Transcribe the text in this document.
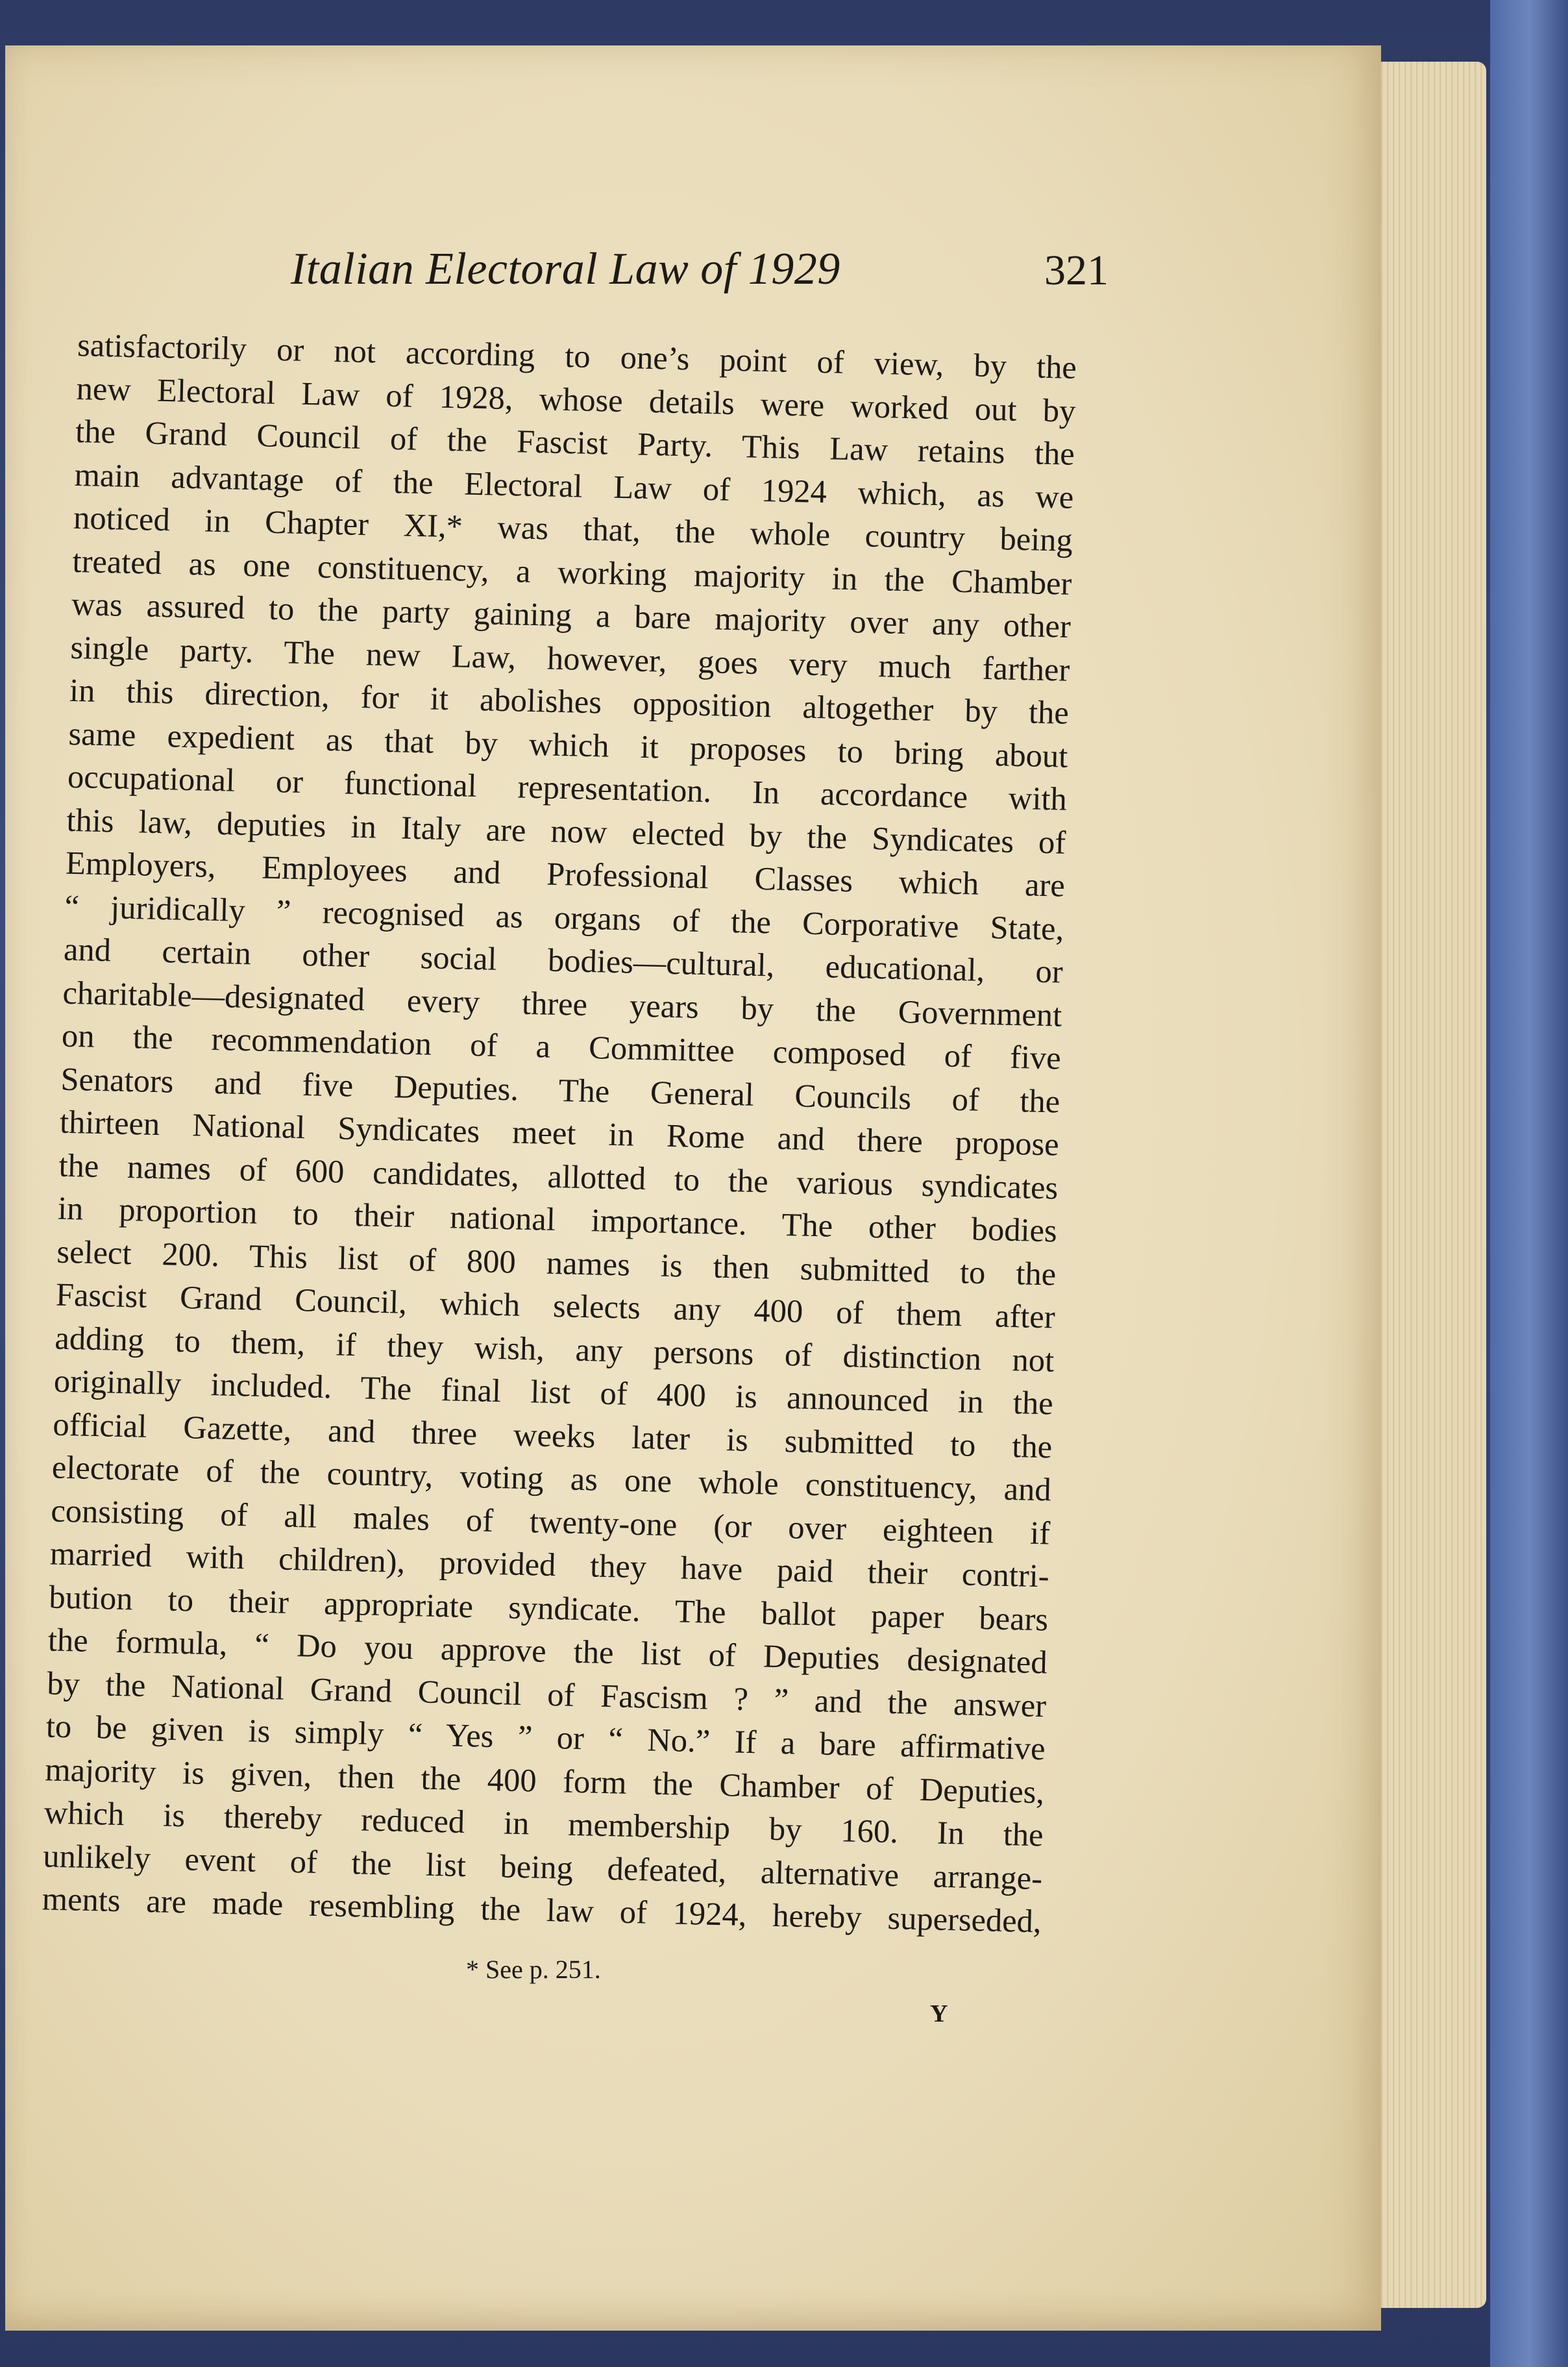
Italian Electoral Law of 1929	321
satisfactorily or not according to one’s point of view, by the
new Electoral Law of 1928, whose details were worked out by
the Grand Council of the Fascist Party. This Law retains the
main advantage of the Electoral Law of 1924 which, as we
noticed in Chapter XI,* was that, the whole country being
treated as one constituency, a working majority in the Chamber
was assured to the party gaining a bare majority over any other
single party. The new Law, however, goes very much farther
in this direction, for it abolishes opposition altogether by the
same expedient as that by which it proposes to bring about
occupational or functional representation. In accordance with
this law, deputies in Italy are now elected by the Syndicates of
Employers, Employees and Professional Classes which are
“ juridically ” recognised as organs of the Corporative State,
and certain other social bodies—cultural, educational, or
charitable—designated every three years by the Government
on the recommendation of a Committee composed of five
Senators and five Deputies. The General Councils of the
thirteen National Syndicates meet in Rome and there propose
the names of 600 candidates, allotted to the various syndicates
in proportion to their national importance. The other bodies
select 200. This list of 800 names is then submitted to the
Fascist Grand Council, which selects any 400 of them after
adding to them, if they wish, any persons of distinction not
originally included. The final list of 400 is announced in the
official Gazette, and three weeks later is submitted to the
electorate of the country, voting as one whole constituency, and
consisting of all males of twenty-one (or over eighteen if
married with children), provided they have paid their contri-
bution to their appropriate syndicate. The ballot paper bears
the formula, “ Do you approve the list of Deputies designated
by the National Grand Council of Fascism ? ” and the answer
to be given is simply “ Yes ” or “ No.” If a bare affirmative
majority is given, then the 400 form the Chamber of Deputies,
which is thereby reduced in membership by 160. In the
unlikely event of the list being defeated, alternative arrange-
ments are made resembling the law of 1924, hereby superseded,
* See p. 251.
Y
